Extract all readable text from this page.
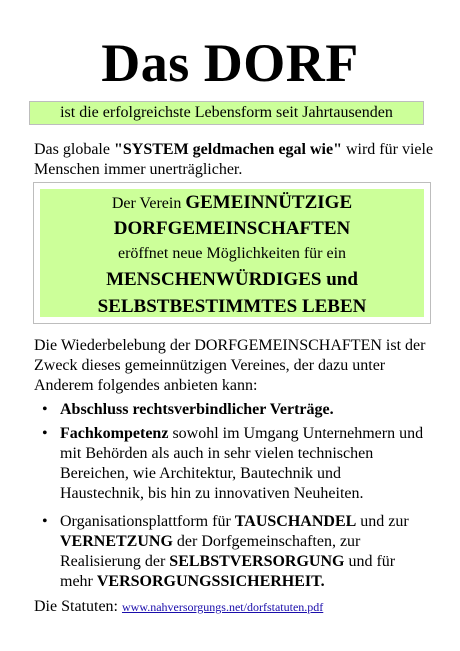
Das DORF
ist die erfolgreichste Lebensform seit Jahrtausenden
Das globale "SYSTEM geldmachen egal wie" wird für viele Menschen immer unerträglicher.
Der Verein GEMEINNÜTZIGE
DORFGEMEINSCHAFTEN
eröffnet neue Möglichkeiten für ein
MENSCHENWÜRDIGES und
SELBSTBESTIMMTES LEBEN
Die Wiederbelebung der DORFGEMEINSCHAFTEN ist der Zweck dieses gemeinnützigen Vereines, der dazu unter Anderem folgendes anbieten kann:
• Abschluss rechtsverbindlicher Verträge.
• Fachkompetenz sowohl im Umgang Unternehmern und mit Behörden als auch in sehr vielen technischen Bereichen, wie Architektur, Bautechnik und Haustechnik, bis hin zu innovativen Neuheiten.
• Organisationsplattform für TAUSCHANDEL und zur VERNETZUNG der Dorfgemeinschaften, zur Realisierung der SELBSTVERSORGUNG und für mehr VERSORGUNGSSICHERHEIT.
Die Statuten: www.nahversorgungs.net/dorfstatuten.pdf
